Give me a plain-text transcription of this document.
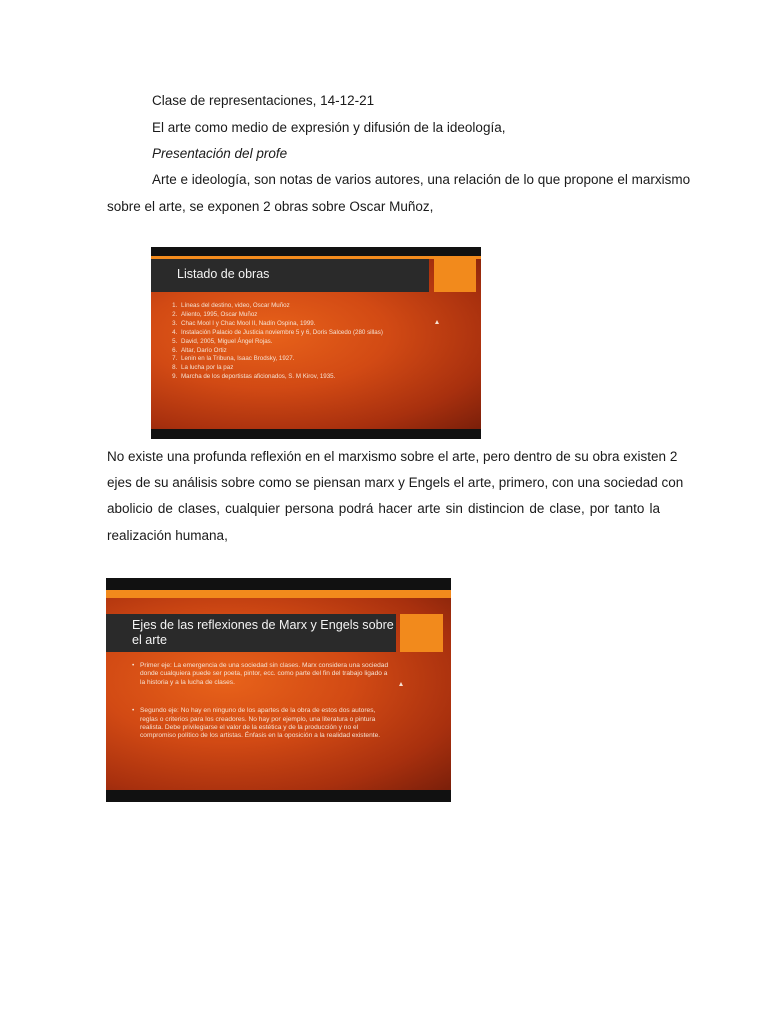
Clase de representaciones, 14-12-21
El arte como medio de expresión y difusión de la ideología,
Presentación del profe
Arte e ideología, son notas de varios autores, una relación de lo que propone el marxismo
sobre el arte, se exponen 2 obras sobre Oscar Muñoz,
Listado de obras
1. Líneas del destino, video, Oscar Muñoz
2. Aliento, 1995, Oscar Muñoz
3. Chac Mool I y Chac Mool II, Nadín Ospina, 1999.
4. Instalación Palacio de Justicia noviembre 5 y 6, Doris Salcedo (280 sillas)
5. David, 2005, Miguel Ángel Rojas.
6. Altar, Darío Ortiz
7. Lenin en la Tribuna, Isaac Brodsky, 1927.
8. La lucha por la paz
9. Marcha de los deportistas aficionados, S. M Kirov, 1935.
No existe una profunda reflexión en el marxismo sobre el arte, pero dentro de su obra existen 2
ejes de su análisis sobre como se piensan marx y Engels el arte, primero, con una sociedad con
abolicio de clases, cualquier persona podrá hacer arte sin distincion de clase, por tanto la
realización humana,
Ejes de las reflexiones de Marx y Engels sobre el arte
• Primer eje: La emergencia de una sociedad sin clases. Marx considera una sociedad donde cualquiera puede ser poeta, pintor, ecc. como parte del fin del trabajo ligado a la historia y a la lucha de clases.
• Segundo eje: No hay en ninguno de los apartes de la obra de estos dos autores, reglas o criterios para los creadores. No hay por ejemplo, una literatura o pintura realista. Debe privilegiarse el valor de la estética y de la producción y no el compromiso político de los artistas. Énfasis en la oposición a la realidad existente.
